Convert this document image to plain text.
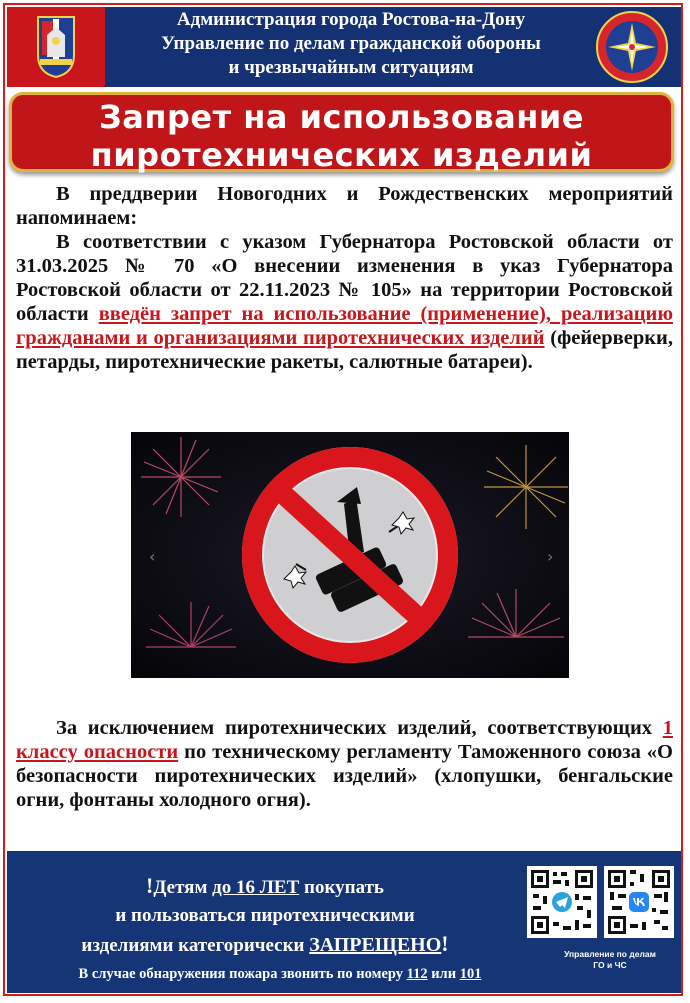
Администрация города Ростова-на-Дону
Управление по делам гражданской обороны
и чрезвычайным ситуациям
Запрет на использование
пиротехнических изделий

В преддверии Новогодних и Рождественских мероприятий напоминаем:

В соответствии с указом Губернатора Ростовской области от 31.03.2025 № 70 «О внесении изменения в указ Губернатора Ростовской области от 22.11.2023 № 105» на территории Ростовской области введён запрет на использование (применение), реализацию гражданами и организациями пиротехнических изделий (фейерверки, петарды, пиротехнические ракеты, салютные батареи).

‹	›

За исключением пиротехнических изделий, соответствующих 1 классу опасности по техническому регламенту Таможенного союза «О безопасности пиротехнических изделий» (хлопушки, бенгальские огни, фонтаны холодного огня).

!Детям до 16 ЛЕТ покупать
и пользоваться пиротехническими
изделиями категорически ЗАПРЕЩЕНО!
В случае обнаружения пожара звонить по номеру 112 или 101
Управление по делам ГО и ЧС
